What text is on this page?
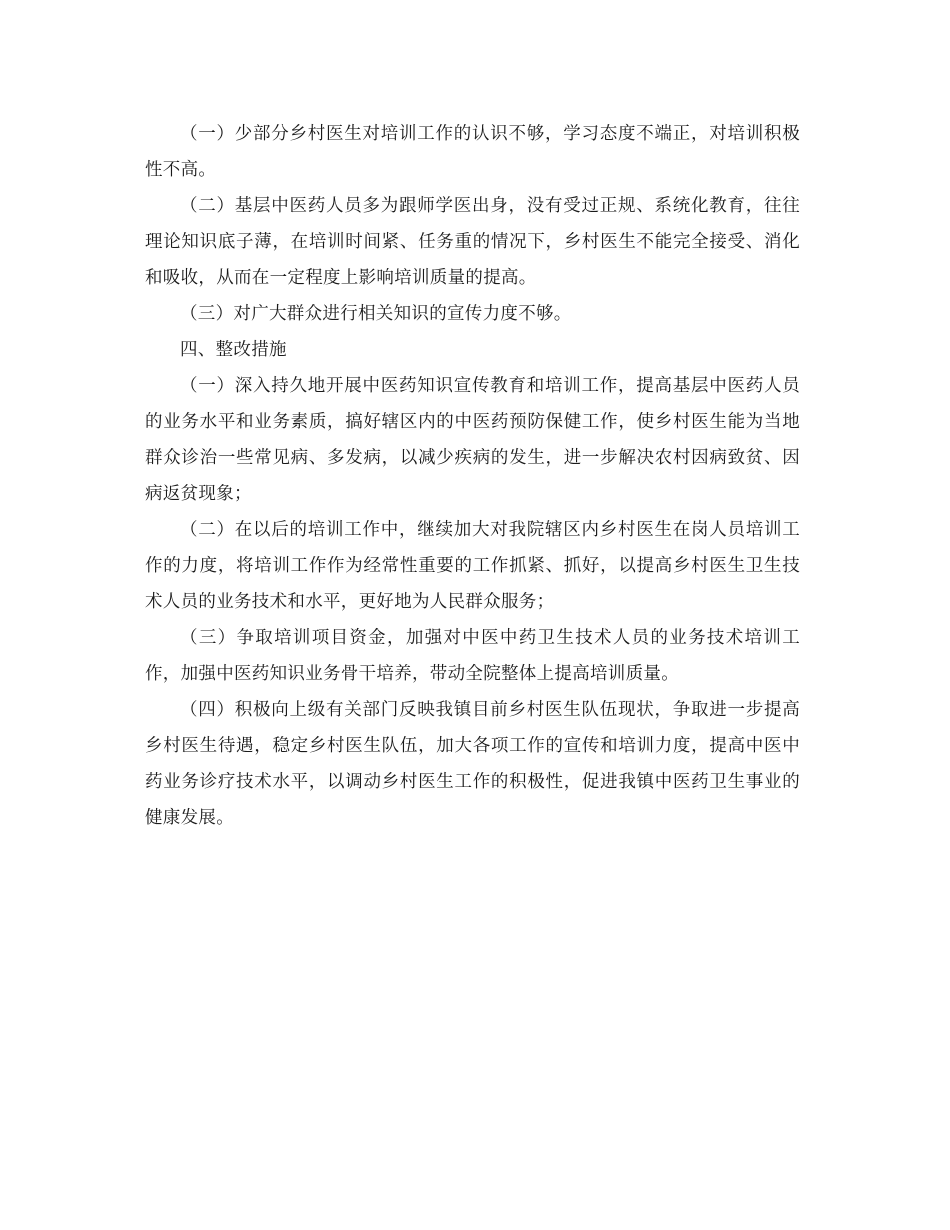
（一）少部分乡村医生对培训工作的认识不够，学习态度不端正，对培训积极性不高。

（二）基层中医药人员多为跟师学医出身，没有受过正规、系统化教育，往往理论知识底子薄，在培训时间紧、任务重的情况下，乡村医生不能完全接受、消化和吸收，从而在一定程度上影响培训质量的提高。

（三）对广大群众进行相关知识的宣传力度不够。

四、整改措施

（一）深入持久地开展中医药知识宣传教育和培训工作，提高基层中医药人员的业务水平和业务素质，搞好辖区内的中医药预防保健工作，使乡村医生能为当地群众诊治一些常见病、多发病，以减少疾病的发生，进一步解决农村因病致贫、因病返贫现象；

（二）在以后的培训工作中，继续加大对我院辖区内乡村医生在岗人员培训工作的力度，将培训工作作为经常性重要的工作抓紧、抓好，以提高乡村医生卫生技术人员的业务技术和水平，更好地为人民群众服务；

（三）争取培训项目资金，加强对中医中药卫生技术人员的业务技术培训工作，加强中医药知识业务骨干培养，带动全院整体上提高培训质量。

（四）积极向上级有关部门反映我镇目前乡村医生队伍现状，争取进一步提高乡村医生待遇，稳定乡村医生队伍，加大各项工作的宣传和培训力度，提高中医中药业务诊疗技术水平，以调动乡村医生工作的积极性，促进我镇中医药卫生事业的健康发展。
